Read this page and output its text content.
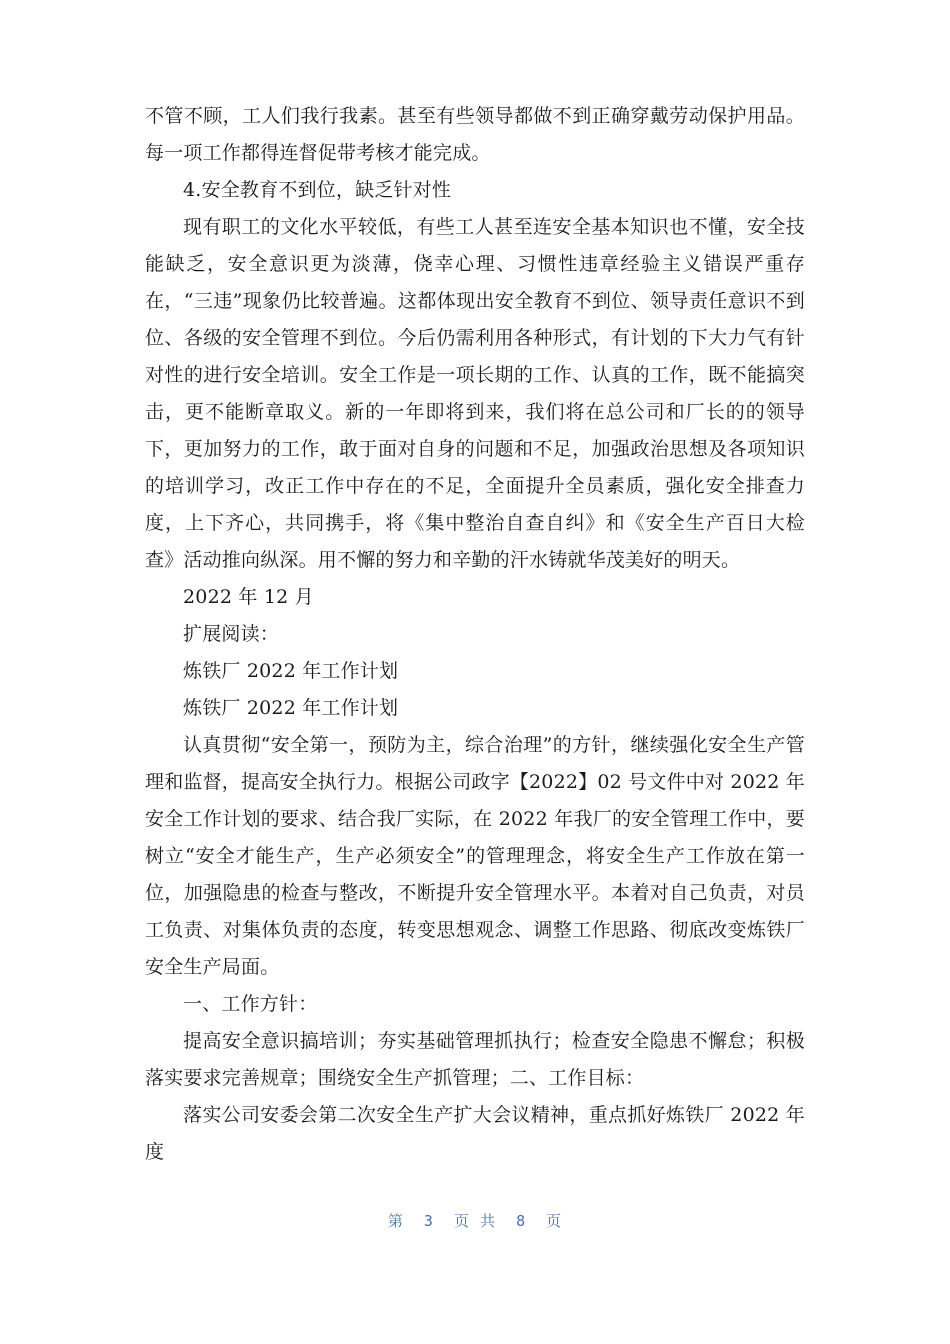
不管不顾，工人们我行我素。甚至有些领导都做不到正确穿戴劳动保护用品。每一项工作都得连督促带考核才能完成。

4.安全教育不到位，缺乏针对性

现有职工的文化水平较低，有些工人甚至连安全基本知识也不懂，安全技能缺乏，安全意识更为淡薄，侥幸心理、习惯性违章经验主义错误严重存在，“三违”现象仍比较普遍。这都体现出安全教育不到位、领导责任意识不到位、各级的安全管理不到位。今后仍需利用各种形式，有计划的下大力气有针对性的进行安全培训。安全工作是一项长期的工作、认真的工作，既不能搞突击，更不能断章取义。新的一年即将到来，我们将在总公司和厂长的的领导下，更加努力的工作，敢于面对自身的问题和不足，加强政治思想及各项知识的培训学习，改正工作中存在的不足，全面提升全员素质，强化安全排查力度，上下齐心，共同携手，将《集中整治自查自纠》和《安全生产百日大检查》活动推向纵深。用不懈的努力和辛勤的汗水铸就华茂美好的明天。

2022 年 12 月

扩展阅读：

炼铁厂 2022 年工作计划

炼铁厂 2022 年工作计划

认真贯彻“安全第一，预防为主，综合治理”的方针，继续强化安全生产管理和监督，提高安全执行力。根据公司政字【2022】02 号文件中对 2022 年安全工作计划的要求、结合我厂实际，在 2022 年我厂的安全管理工作中，要树立“安全才能生产，生产必须安全”的管理理念，将安全生产工作放在第一位，加强隐患的检查与整改，不断提升安全管理水平。本着对自己负责，对员工负责、对集体负责的态度，转变思想观念、调整工作思路、彻底改变炼铁厂安全生产局面。

一、工作方针：

提高安全意识搞培训；夯实基础管理抓执行；检查安全隐患不懈怠；积极落实要求完善规章；围绕安全生产抓管理；二、工作目标：

落实公司安委会第二次安全生产扩大会议精神，重点抓好炼铁厂 2022 年度

第  3  页 共  8  页
